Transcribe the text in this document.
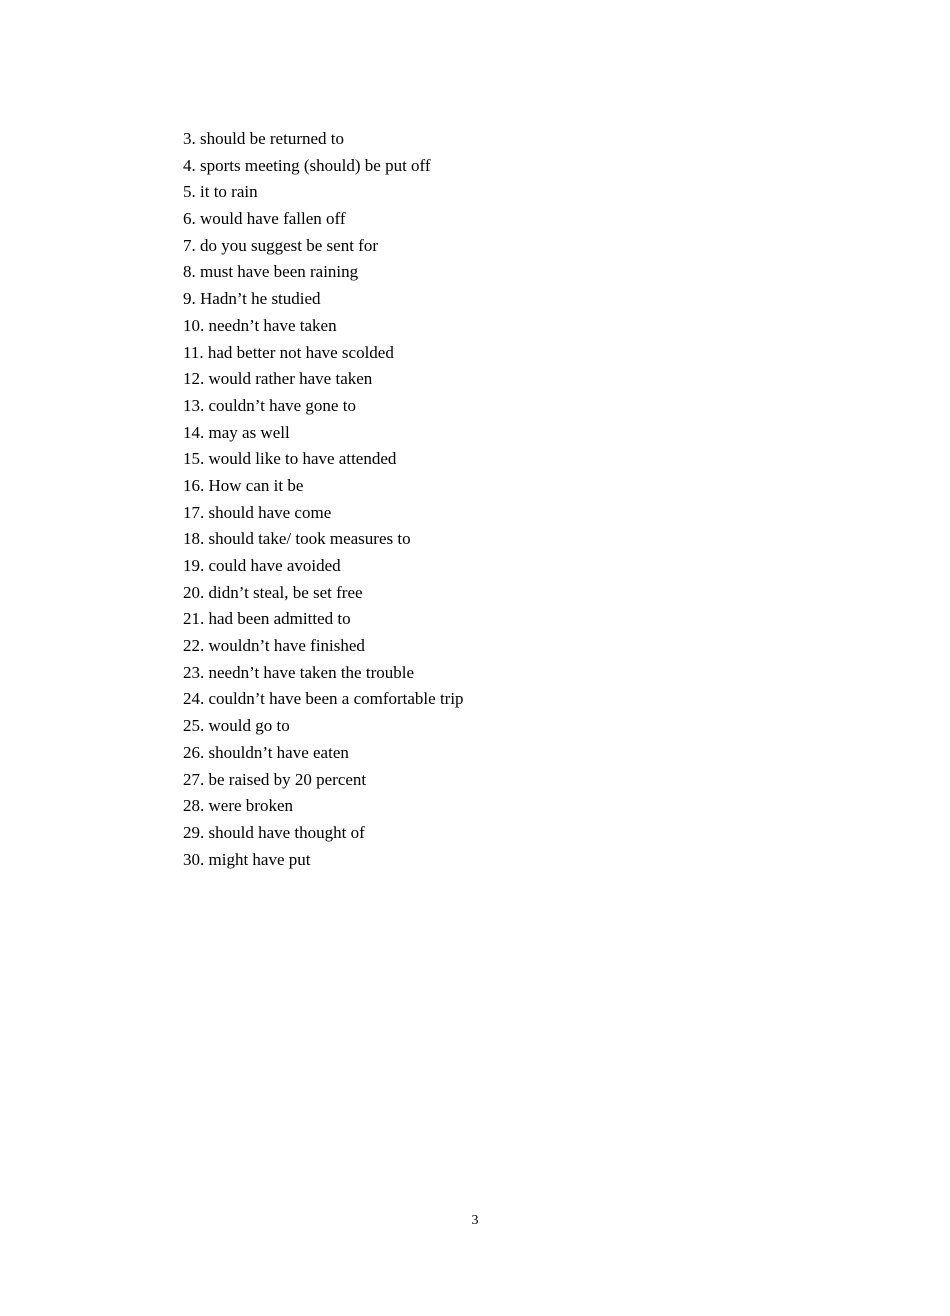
3. should be returned to
4. sports meeting (should) be put off
5. it to rain
6. would have fallen off
7. do you suggest be sent for
8. must have been raining
9. Hadn’t he studied
10. needn’t have taken
11. had better not have scolded
12. would rather have taken
13. couldn’t have gone to
14. may as well
15. would like to have attended
16. How can it be
17. should have come
18. should take/ took measures to
19. could have avoided
20. didn’t steal, be set free
21. had been admitted to
22. wouldn’t have finished
23. needn’t have taken the trouble
24. couldn’t have been a comfortable trip
25. would go to
26. shouldn’t have eaten
27. be raised by 20 percent
28. were broken
29. should have thought of
30. might have put
3
